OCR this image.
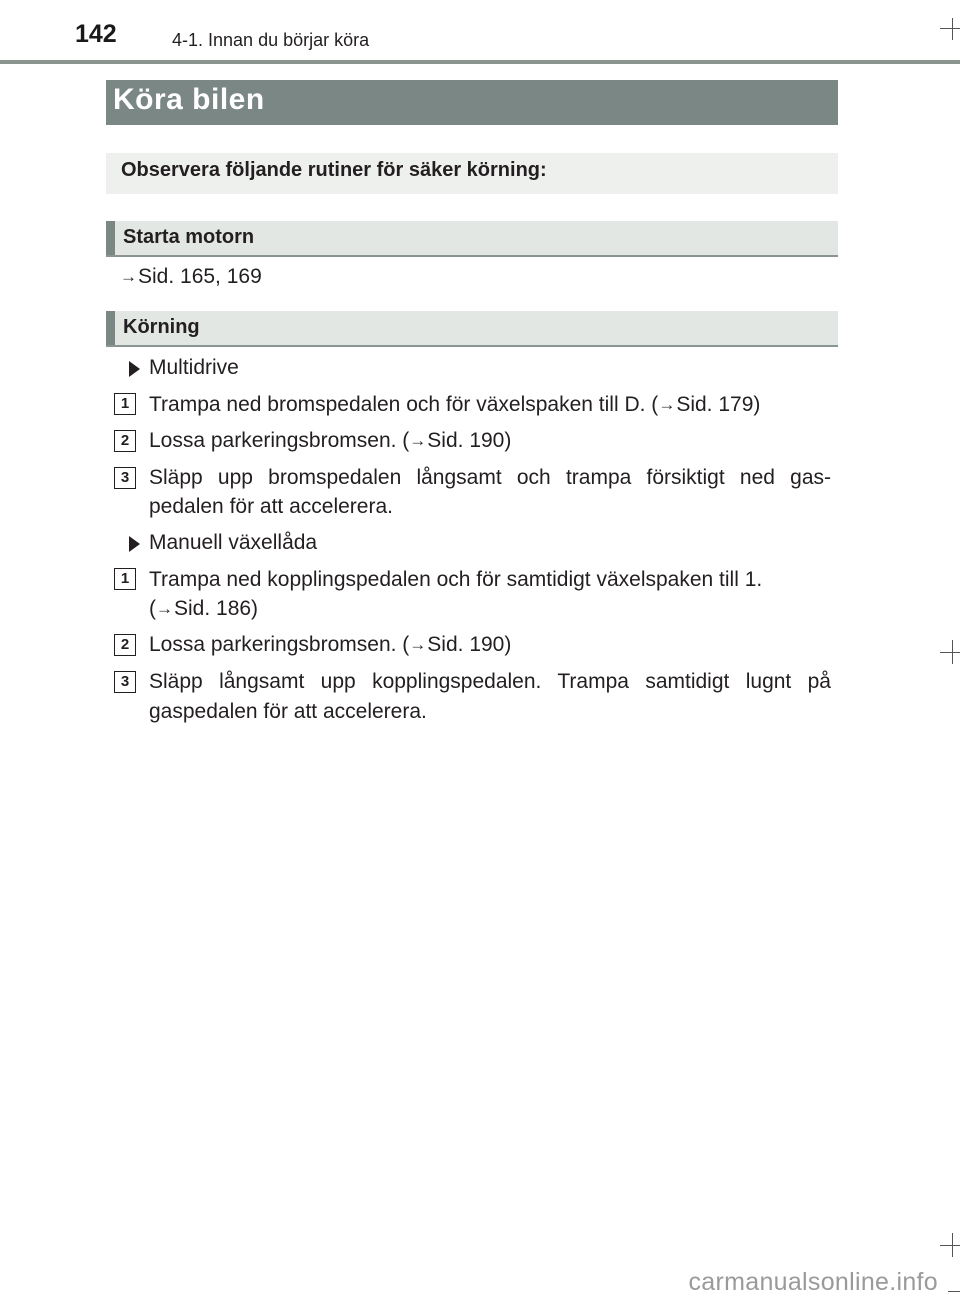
142	4-1. Innan du börjar köra
Köra bilen
Observera följande rutiner för säker körning:
Starta motorn
→Sid. 165, 169
Körning
Multidrive
1 Trampa ned bromspedalen och för växelspaken till D. (→Sid. 179)
2 Lossa parkeringsbromsen. (→Sid. 190)
3 Släpp upp bromspedalen långsamt och trampa försiktigt ned gas-
pedalen för att accelerera.
Manuell växellåda
1 Trampa ned kopplingspedalen och för samtidigt växelspaken till 1.
(→Sid. 186)
2 Lossa parkeringsbromsen. (→Sid. 190)
3 Släpp långsamt upp kopplingspedalen. Trampa samtidigt lugnt på
gaspedalen för att accelerera.
carmanualsonline.info
